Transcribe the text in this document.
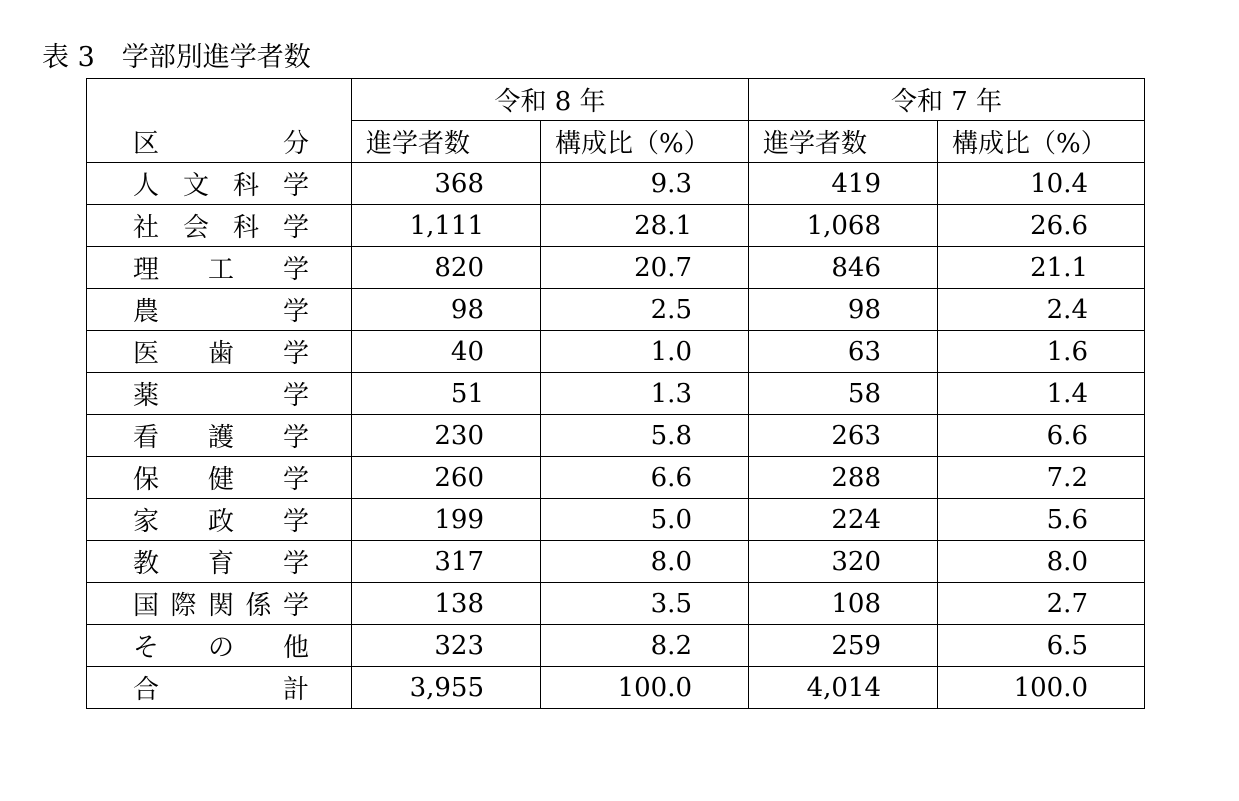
表 3　学部別進学者数
区分	令和 8 年		令和 7 年	
	進学者数	構成比（%）	進学者数	構成比（%）
人文科学	368	9.3	419	10.4
社会科学	1,111	28.1	1,068	26.6
理工学	820	20.7	846	21.1
農学	98	2.5	98	2.4
医歯学	40	1.0	63	1.6
薬学	51	1.3	58	1.4
看護学	230	5.8	263	6.6
保健学	260	6.6	288	7.2
家政学	199	5.0	224	5.6
教育学	317	8.0	320	8.0
国際関係学	138	3.5	108	2.7
その他	323	8.2	259	6.5
合計	3,955	100.0	4,014	100.0
